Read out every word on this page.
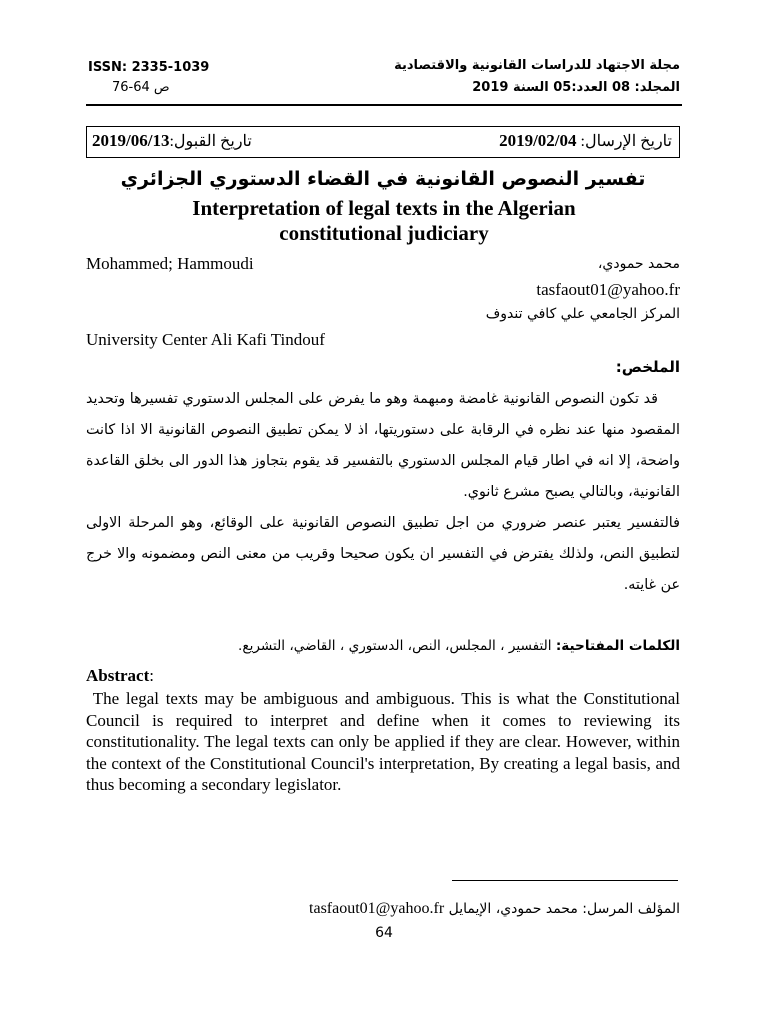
مجلة الاجتهاد للدراسات القانونية والاقتصادية
المجلد: 08 العدد:05 السنة 2019
ISSN: 2335-1039
ص 64-76
تاريخ الإرسال: 2019/02/04
تاريخ القبول:2019/06/13
تفسير النصوص القانونية في القضاء الدستوري الجزائري
Interpretation of legal texts in the Algerian
constitutional judiciary
Mohammed; Hammoudi	محمد حمودي،
tasfaout01@yahoo.fr
المركز الجامعي علي كافي تندوف
University Center Ali Kafi Tindouf
الملخص:

قد تكون النصوص القانونية غامضة ومبهمة وهو ما يفرض على المجلس الدستوري تفسيرها وتحديد المقصود منها عند نظره في الرقابة على دستوريتها، اذ لا يمكن تطبيق النصوص القانونية الا اذا كانت واضحة، إلا انه في اطار قيام المجلس الدستوري بالتفسير قد يقوم بتجاوز هذا الدور الى بخلق القاعدة القانونية، وبالتالي يصبح مشرع ثانوي.

فالتفسير يعتبر عنصر ضروري من اجل تطبيق النصوص القانونية على الوقائع، وهو المرحلة الاولى لتطبيق النص، ولذلك يفترض في التفسير ان يكون صحيحا وقريب من معنى النص ومضمونه والا خرج عن غايته.

الكلمات المفتاحية: التفسير ، المجلس، النص، الدستوري ، القاضي، التشريع.
Abstract:
The legal texts may be ambiguous and ambiguous. This is what the Constitutional Council is required to interpret and define when it comes to reviewing its constitutionality. The legal texts can only be applied if they are clear. However, within the context of the Constitutional Council's interpretation, By creating a legal basis, and thus becoming a secondary legislator.
المؤلف المرسل: محمد حمودي، الإيمايل tasfaout01@yahoo.fr
64
